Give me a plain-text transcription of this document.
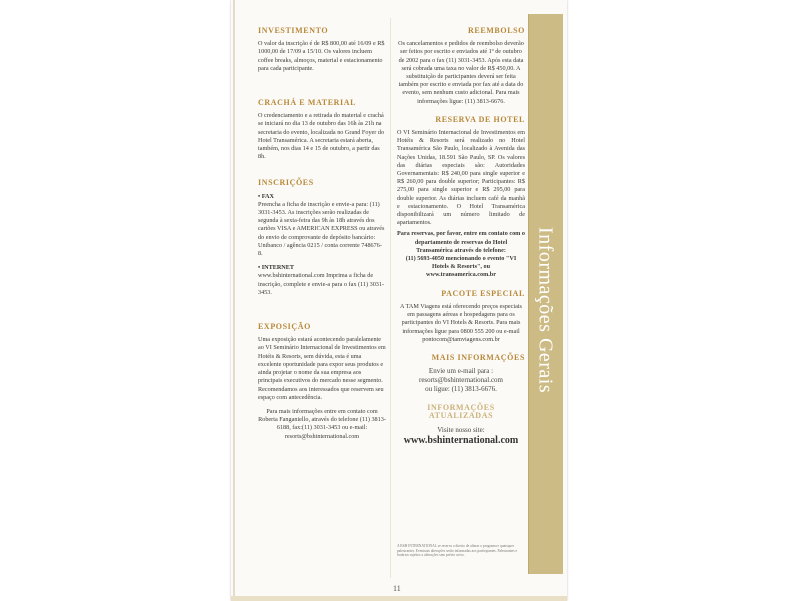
Informações Gerais
INVESTIMENTO

O valor da inscrição é de R$ 800,00 até 16/09 e R$ 1000,00 de 17/09 a 15/10. Os valores incluem coffee breaks, almoços, material e estacionamento para cada participante.

CRACHÁ E MATERIAL

O credenciamento e a retirada do material e crachá se iniciará no dia 13 de outubro das 16h às 21h na secretaria do evento, localizada no Grand Foyer do Hotel Transamérica. A secretaria estará aberta, também, nos dias 14 e 15 de outubro, a partir das 8h.

INSCRIÇÕES

• FAX

Preencha a ficha de inscrição e envie-a para: (11) 3031-3453. As inscrições serão realizadas de segunda à sexta-feira das 9h às 18h através dos cartões VISA e AMERICAN EXPRESS ou através do envio de comprovante de depósito bancário: Unibanco / agência 0215 / conta corrente 748676-8.

• INTERNET

www.bshinternational.com Imprima a ficha de inscrição, complete e envie-a para o fax (11) 3031-3453.

EXPOSIÇÃO

Uma exposição estará acontecendo paralelamente ao VI Seminário Internacional de Investimentos em Hotéis & Resorts, sem dúvida, esta é uma excelente oportunidade para expor seus produtos e ainda projetar o nome da sua empresa aos principais executivos do mercado nesse segmento. Recomendamos aos interessados que reservem seu espaço com antecedência.

Para mais informações entre em contato com Roberta Fanganiello, através do telefone (11) 3813-6188, fax:(11) 3031-3453 ou e-mail: resorts@bshinternational.com

REEMBOLSO

Os cancelamentos e pedidos de reembolso deverão ser feitos por escrito e enviados até 1º de outubro de 2002 para o fax (11) 3031-3453. Após esta data será cobrada uma taxa no valor de R$ 450,00. A substituição de participantes deverá ser feita também por escrito e enviada por fax até a data do evento, sem nenhum custo adicional. Para mais informações ligue: (11) 3813-6676.

RESERVA DE HOTEL

O VI Seminário Internacional de Investimentos em Hotéis & Resorts será realizado no Hotel Transamérica São Paulo, localizado à Avenida das Nações Unidas, 18.591 São Paulo, SP. Os valores das diárias especiais são: Autoridades Governamentais: R$ 240,00 para single superior e R$ 260,00 para double superior; Participantes: R$ 275,00 para single superior e R$ 295,00 para double superior. As diárias incluem café da manhã e estacionamento. O Hotel Transamérica disponibilizará um número limitado de apartamentos.

Para reservas, por favor, entre em contato com o departamento de reservas do Hotel Transamérica através do telefone:

(11) 5693-4050 mencionando o evento "VI Hotels & Resorts", ou

www.transamerica.com.br

PACOTE ESPECIAL

A TAM Viagens está oferecendo preços especiais em passagens aéreas e hospedagens para os participantes do VI Hotels & Resorts. Para mais informações ligue para 0800 555 200 ou e-mail pontocom@tamviagens.com.br

MAIS INFORMAÇÕES

Envie um e-mail para :

resorts@bshinternational.com

ou ligue: (11) 3813-6676.

INFORMAÇÕES ATUALIZADAS

Visite nosso site:

www.bshinternational.com

A BSH INTERNATIONAL se reserva o direito de alterar o programa e quaisquer palestrantes. Eventuais alterações serão informadas aos participantes. Palestrantes e horários sujeitos a alterações sem prévio aviso.
11
